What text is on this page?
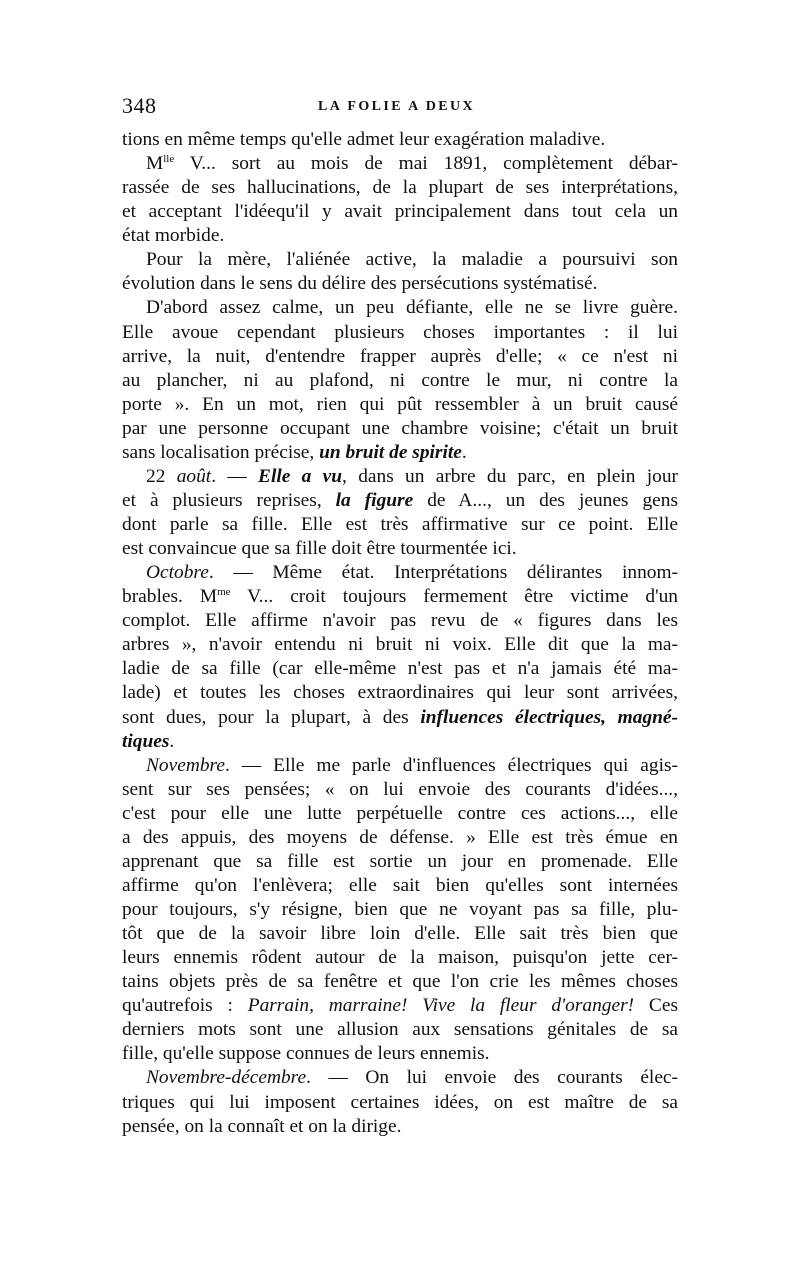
348	LA FOLIE A DEUX
tions en même temps qu'elle admet leur exagération maladive.
$M^{lle}$ V... sort au mois de mai 1891, complètement débar-
rassée de ses hallucinations, de la plupart de ses interprétations,
et acceptant l'idéequ'il y avait principalement dans tout cela un
état morbide.
Pour la mère, l'aliénée active, la maladie a poursuivi son
évolution dans le sens du délire des persécutions systématisé.
D'abord assez calme, un peu défiante, elle ne se livre guère.
Elle avoue cependant plusieurs choses importantes : il lui
arrive, la nuit, d'entendre frapper auprès d'elle; « ce n'est ni
au plancher, ni au plafond, ni contre le mur, ni contre la
porte ». En un mot, rien qui pût ressembler à un bruit causé
par une personne occupant une chambre voisine; c'était un bruit
sans localisation précise, un bruit de spirite.
22 août. — Elle a vu, dans un arbre du parc, en plein jour
et à plusieurs reprises, la figure de A..., un des jeunes gens
dont parle sa fille. Elle est très affirmative sur ce point. Elle
est convaincue que sa fille doit être tourmentée ici.
Octobre. — Même état. Interprétations délirantes innom-
brables. $M^{me}$ V... croit toujours fermement être victime d'un
complot. Elle affirme n'avoir pas revu de « figures dans les
arbres », n'avoir entendu ni bruit ni voix. Elle dit que la ma-
ladie de sa fille (car elle-même n'est pas et n'a jamais été ma-
lade) et toutes les choses extraordinaires qui leur sont arrivées,
sont dues, pour la plupart, à des influences électriques, magné-
tiques.
Novembre. — Elle me parle d'influences électriques qui agis-
sent sur ses pensées; « on lui envoie des courants d'idées...,
c'est pour elle une lutte perpétuelle contre ces actions..., elle
a des appuis, des moyens de défense. » Elle est très émue en
apprenant que sa fille est sortie un jour en promenade. Elle
affirme qu'on l'enlèvera; elle sait bien qu'elles sont internées
pour toujours, s'y résigne, bien que ne voyant pas sa fille, plu-
tôt que de la savoir libre loin d'elle. Elle sait très bien que
leurs ennemis rôdent autour de la maison, puisqu'on jette cer-
tains objets près de sa fenêtre et que l'on crie les mêmes choses
qu'autrefois : Parrain, marraine! Vive la fleur d'oranger! Ces
derniers mots sont une allusion aux sensations génitales de sa
fille, qu'elle suppose connues de leurs ennemis.
Novembre-décembre. — On lui envoie des courants élec-
triques qui lui imposent certaines idées, on est maître de sa
pensée, on la connaît et on la dirige.
